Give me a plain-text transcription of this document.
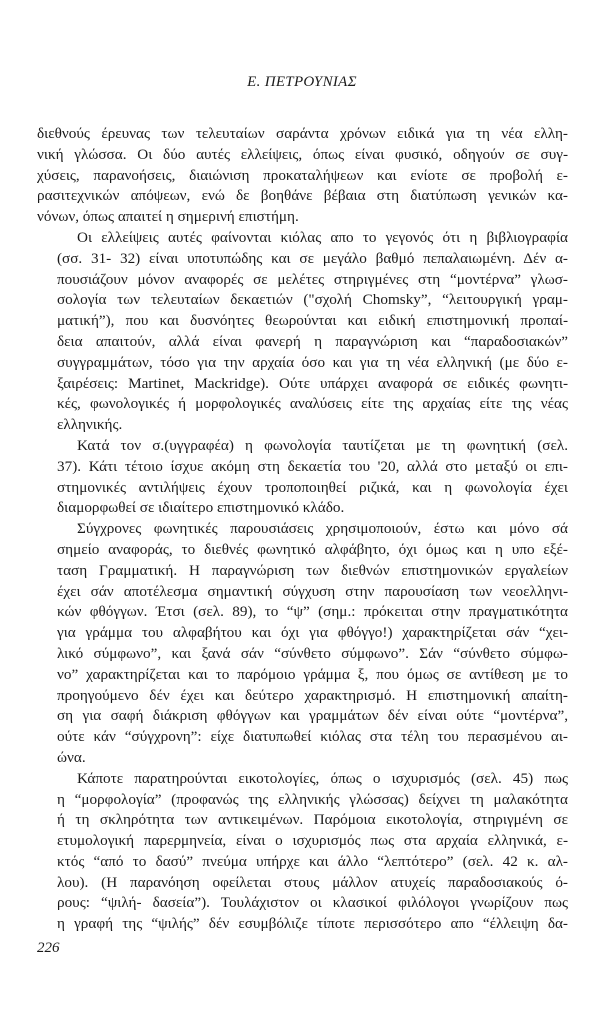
Ε. ΠΕΤΡΟΥΝΙΑΣ

διεθνούς έρευνας των τελευταίων σαράντα χρόνων ειδικά για τη νέα ελλη-
νική γλώσσα. Οι δύο αυτές ελλείψεις, όπως είναι φυσικό, οδηγούν σε συγ-
χύσεις, παρανοήσεις, διαιώνιση προκαταλήψεων και ενίοτε σε προβολή ε-
ρασιτεχνικών απόψεων, ενώ δε βοηθάνε βέβαια στη διατύπωση γενικών κα-
νόνων, όπως απαιτεί η σημερινή επιστήμη.

Οι ελλείψεις αυτές φαίνονται κιόλας απο το γεγονός ότι η βιβλιογραφία
(σσ. 31- 32) είναι υποτυπώδης και σε μεγάλο βαθμό πεπαλαιωμένη. Δέν α-
πουσιάζουν μόνον αναφορές σε μελέτες στηριγμένες στη “μοντέρνα” γλωσ-
σολογία των τελευταίων δεκαετιών ("σχολή Chomsky”, “λειτουργική γραμ-
ματική”), που και δυσνόητες θεωρούνται και ειδική επιστημονική προπαί-
δεια απαιτούν, αλλά είναι φανερή η παραγνώριση και “παραδοσιακών”
συγγραμμάτων, τόσο για την αρχαία όσο και για τη νέα ελληνική (με δύο ε-
ξαιρέσεις: Martinet, Mackridge). Ούτε υπάρχει αναφορά σε ειδικές φωνητι-
κές, φωνολογικές ή μορφολογικές αναλύσεις είτε της αρχαίας είτε της νέας
ελληνικής.

Κατά τον σ.(υγγραφέα) η φωνολογία ταυτίζεται με τη φωνητική (σελ.
37). Κάτι τέτοιο ίσχυε ακόμη στη δεκαετία του '20, αλλά στο μεταξύ οι επι-
στημονικές αντιλήψεις έχουν τροποποιηθεί ριζικά, και η φωνολογία έχει
διαμορφωθεί σε ιδιαίτερο επιστημονικό κλάδο.

Σύγχρονες φωνητικές παρουσιάσεις χρησιμοποιούν, έστω και μόνο σά
σημείο αναφοράς, το διεθνές φωνητικό αλφάβητο, όχι όμως και η υπο εξέ-
ταση Γραμματική. Η παραγνώριση των διεθνών επιστημονικών εργαλείων
έχει σάν αποτέλεσμα σημαντική σύγχυση στην παρουσίαση των νεοελληνι-
κών φθόγγων. Έτσι (σελ. 89), το “ψ” (σημ.: πρόκειται στην πραγματικότητα
για γράμμα του αλφαβήτου και όχι για φθόγγο!) χαρακτηρίζεται σάν “χει-
λικό σύμφωνο”, και ξανά σάν “σύνθετο σύμφωνο”. Σάν “σύνθετο σύμφω-
νο” χαρακτηρίζεται και το παρόμοιο γράμμα ξ, που όμως σε αντίθεση με το
προηγούμενο δέν έχει και δεύτερο χαρακτηρισμό. Η επιστημονική απαίτη-
ση για σαφή διάκριση φθόγγων και γραμμάτων δέν είναι ούτε “μοντέρνα”,
ούτε κάν “σύγχρονη”: είχε διατυπωθεί κιόλας στα τέλη του περασμένου αι-
ώνα.

Κάποτε παρατηρούνται εικοτολογίες, όπως ο ισχυρισμός (σελ. 45) πως
η “μορφολογία” (προφανώς της ελληνικής γλώσσας) δείχνει τη μαλακότητα
ή τη σκληρότητα των αντικειμένων. Παρόμοια εικοτολογία, στηριγμένη σε
ετυμολογική παρερμηνεία, είναι ο ισχυρισμός πως στα αρχαία ελληνικά, ε-
κτός “από το δασύ” πνεύμα υπήρχε και άλλο “λεπτότερο” (σελ. 42 κ. αλ-
λου). (Η παρανόηση οφείλεται στους μάλλον ατυχείς παραδοσιακούς ό-
ρους: “ψιλή- δασεία”). Τουλάχιστον οι κλασικοί φιλόλογοι γνωρίζουν πως
η γραφή της “ψιλής” δέν εσυμβόλιζε τίποτε περισσότερο απο “έλλειψη δα-

226
